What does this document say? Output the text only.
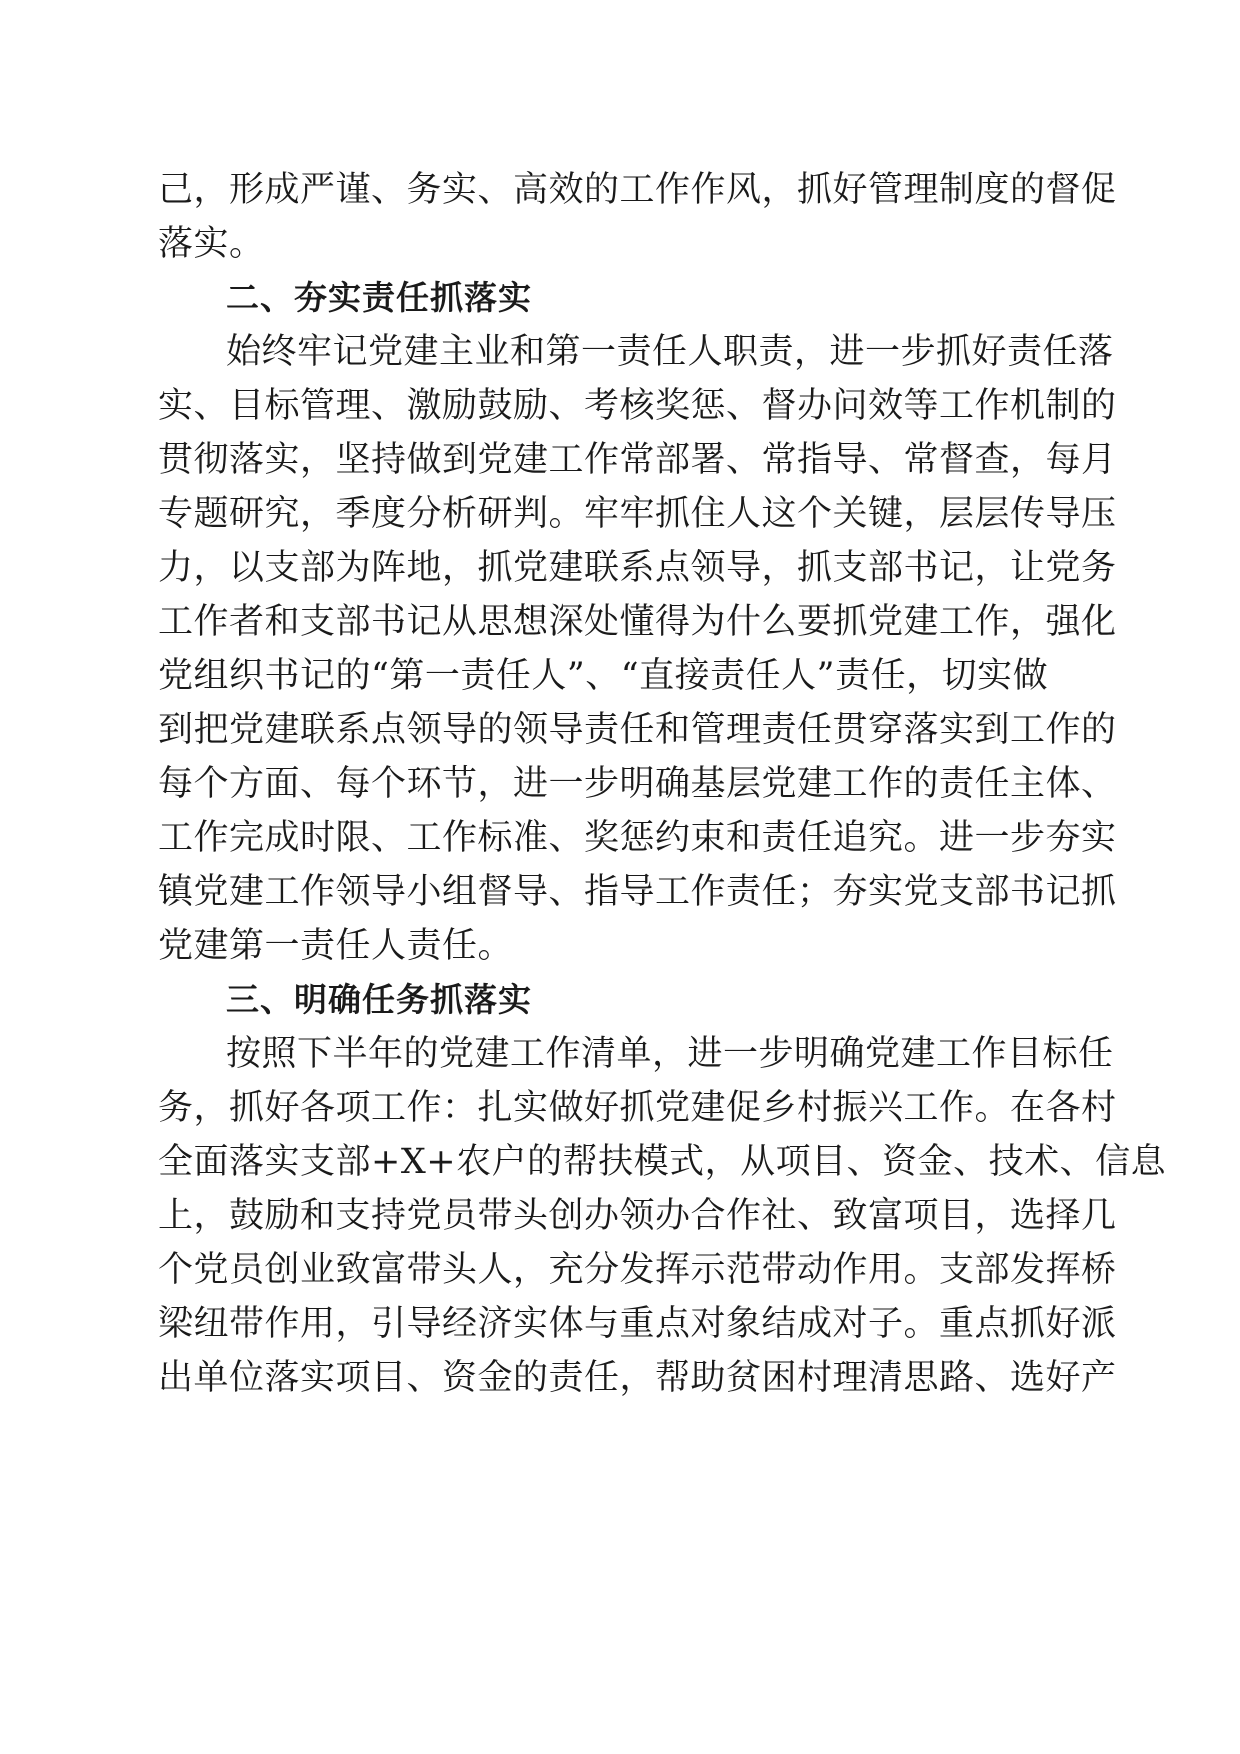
己，形成严谨、务实、高效的工作作风，抓好管理制度的督促
落实。
二、夯实责任抓落实
始终牢记党建主业和第一责任人职责，进一步抓好责任落
实、目标管理、激励鼓励、考核奖惩、督办问效等工作机制的
贯彻落实，坚持做到党建工作常部署、常指导、常督查，每月
专题研究，季度分析研判。牢牢抓住人这个关键，层层传导压
力，以支部为阵地，抓党建联系点领导，抓支部书记，让党务
工作者和支部书记从思想深处懂得为什么要抓党建工作，强化
党组织书记的“第一责任人”、“直接责任人”责任，切实做
到把党建联系点领导的领导责任和管理责任贯穿落实到工作的
每个方面、每个环节，进一步明确基层党建工作的责任主体、
工作完成时限、工作标准、奖惩约束和责任追究。进一步夯实
镇党建工作领导小组督导、指导工作责任；夯实党支部书记抓
党建第一责任人责任。
三、明确任务抓落实
按照下半年的党建工作清单，进一步明确党建工作目标任
务，抓好各项工作：扎实做好抓党建促乡村振兴工作。在各村
全面落实支部+X+农户的帮扶模式，从项目、资金、技术、信息
上，鼓励和支持党员带头创办领办合作社、致富项目，选择几
个党员创业致富带头人，充分发挥示范带动作用。支部发挥桥
梁纽带作用，引导经济实体与重点对象结成对子。重点抓好派
出单位落实项目、资金的责任，帮助贫困村理清思路、选好产
